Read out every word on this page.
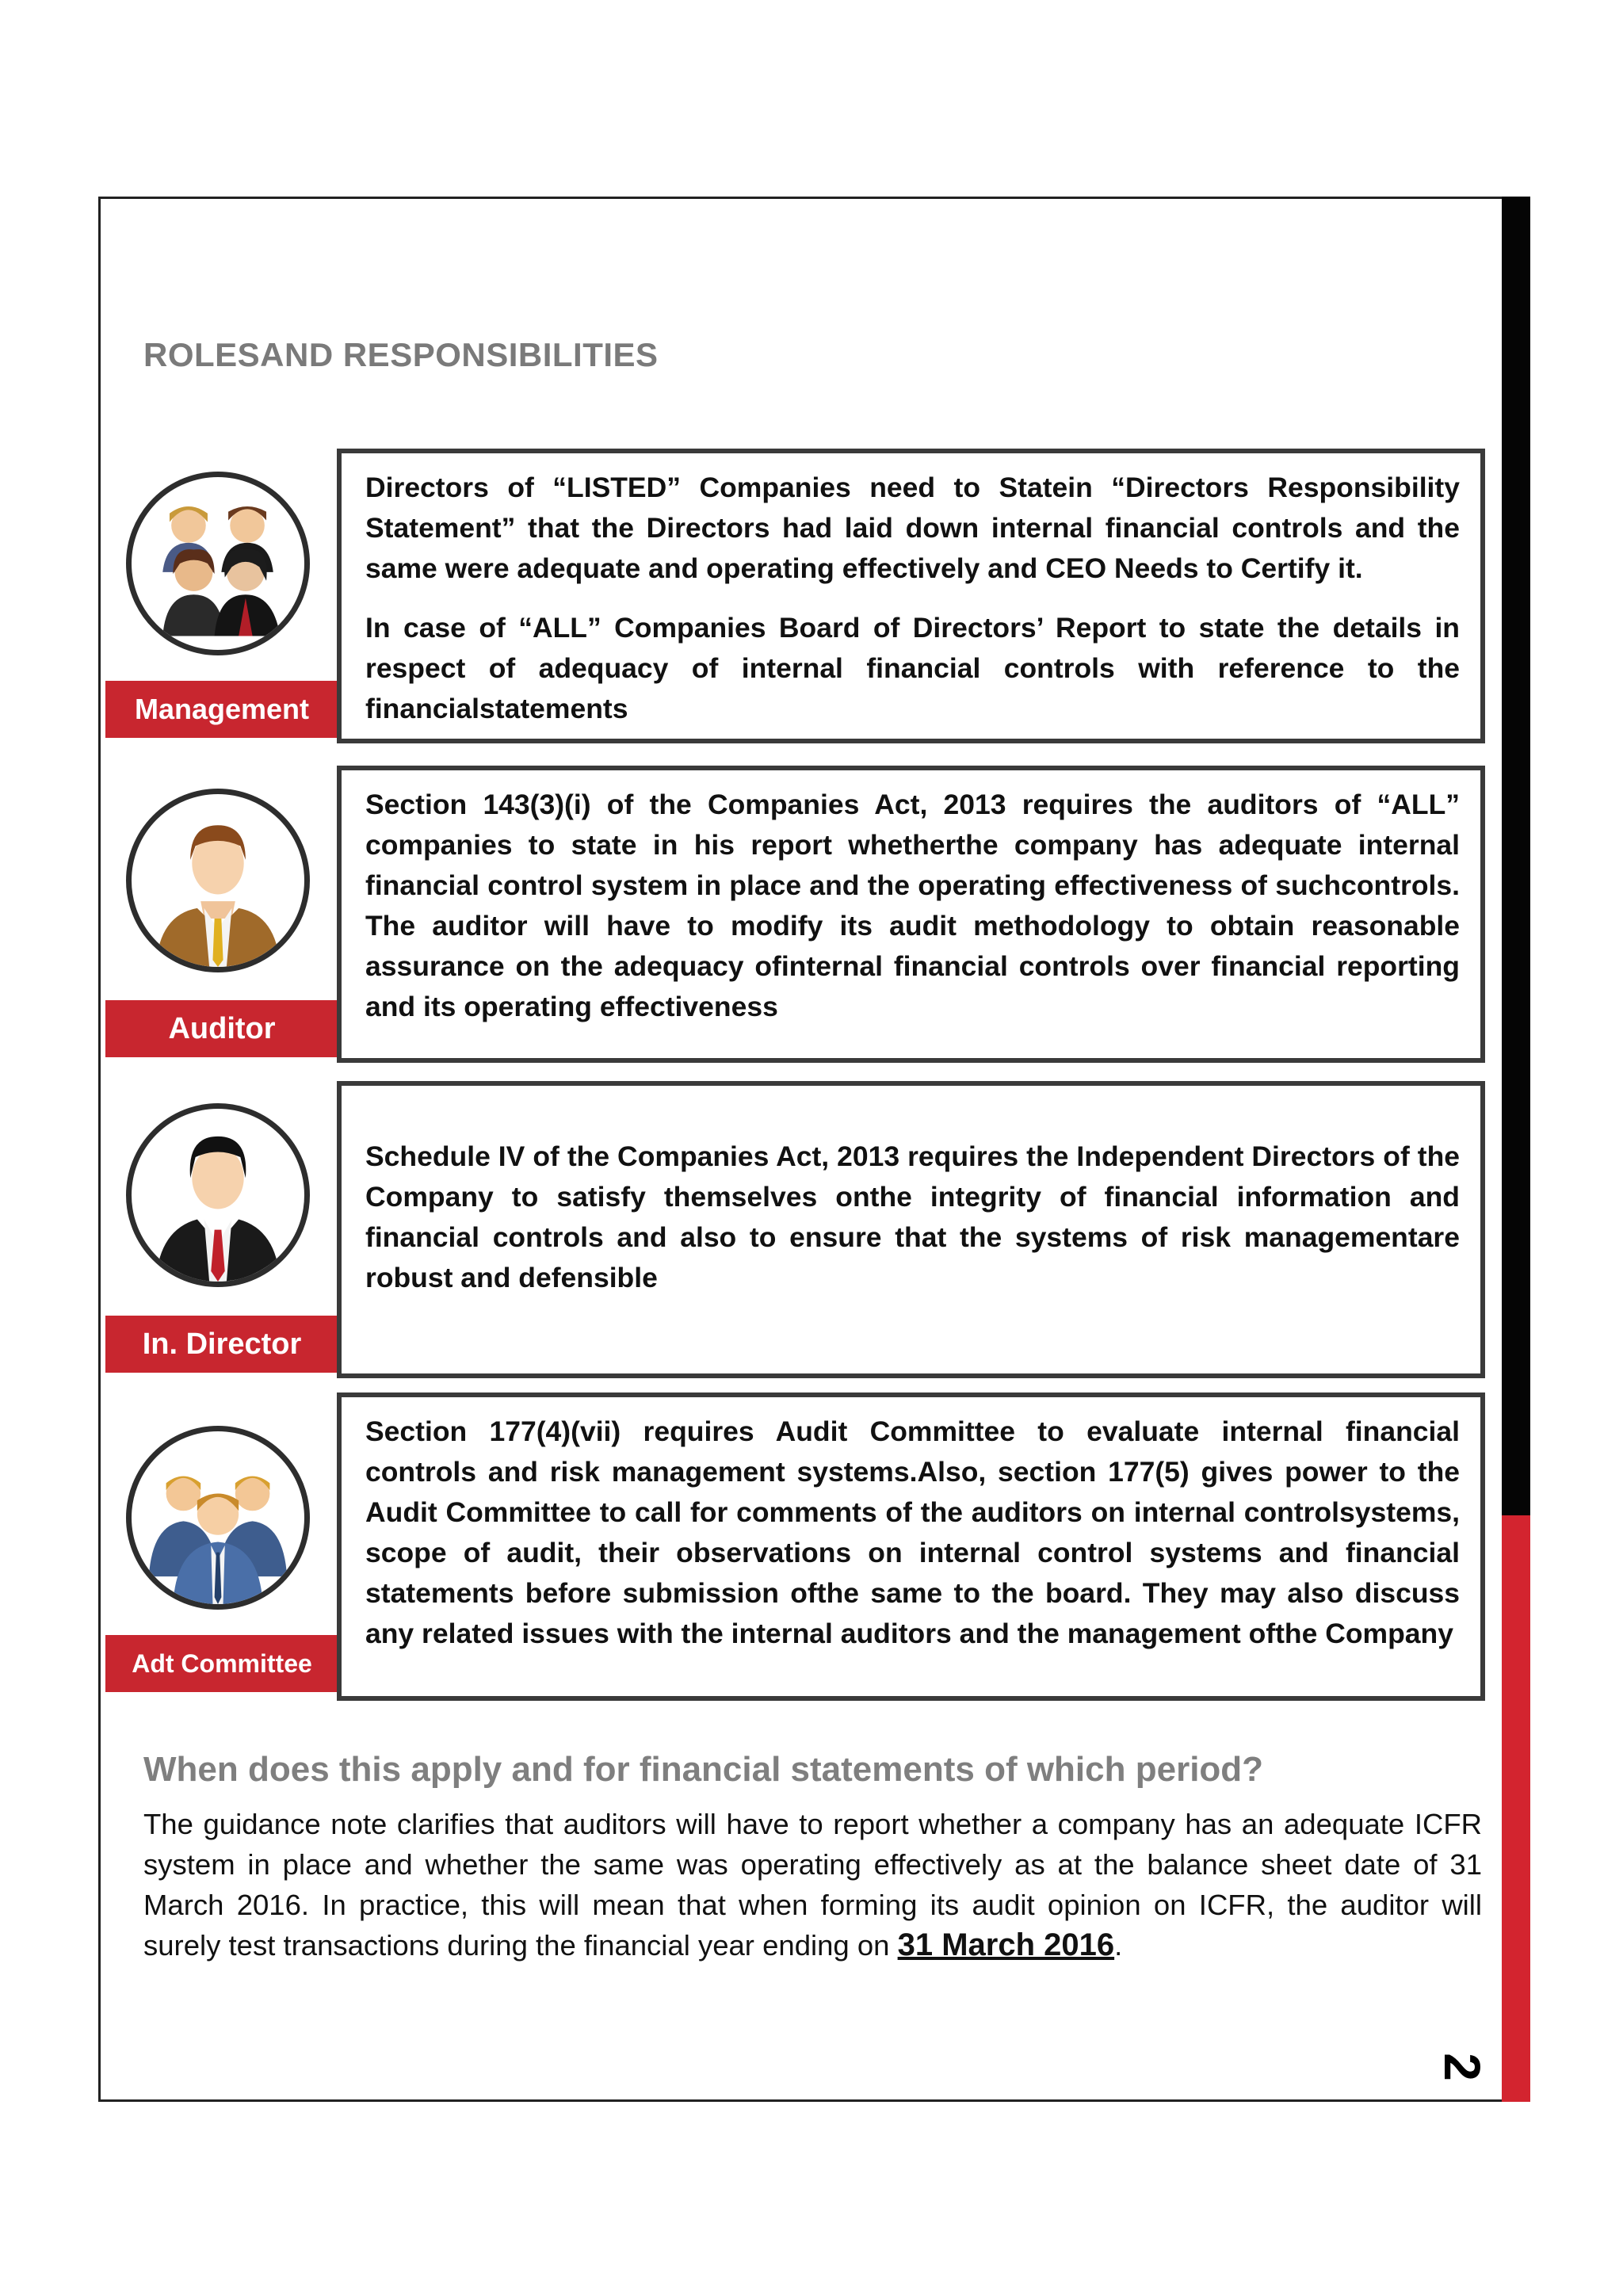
ROLESAND RESPONSIBILITIES
Management

Directors of “LISTED” Companies need to Statein “Directors Responsibility Statement” that the Directors had laid down internal financial controls and the same were adequate and operating effectively and CEO Needs to Certify it.

In case of “ALL” Companies Board of Directors’ Report to state the details in respect of adequacy of internal financial controls with reference to the financialstatements

Auditor

Section 143(3)(i) of the Companies Act, 2013 requires the auditors of “ALL” companies to state in his report whetherthe company has adequate internal financial control system in place and the operating effectiveness of suchcontrols. The auditor will have to modify its audit methodology to obtain reasonable assurance on the adequacy ofinternal financial controls over financial reporting and its operating effectiveness

In. Director

Schedule IV of the Companies Act, 2013 requires the Independent Directors of the Company to satisfy themselves onthe integrity of financial information and financial controls and also to ensure that the systems of risk managementare robust and defensible

Adt Committee

Section 177(4)(vii) requires Audit Committee to evaluate internal financial controls and risk management systems.Also, section 177(5) gives power to the Audit Committee to call for comments of the auditors on internal controlsystems, scope of audit, their observations on internal control systems and financial statements before submission ofthe same to the board. They may also discuss any related issues with the internal auditors and the management ofthe Company

When does this apply and for financial statements of which period?

The guidance note clarifies that auditors will have to report whether a company has an adequate ICFR system in place and whether the same was operating effectively as at the balance sheet date of 31 March 2016. In practice, this will mean that when forming its audit opinion on ICFR, the auditor will surely test transactions during the financial year ending on 31 March 2016.

2
